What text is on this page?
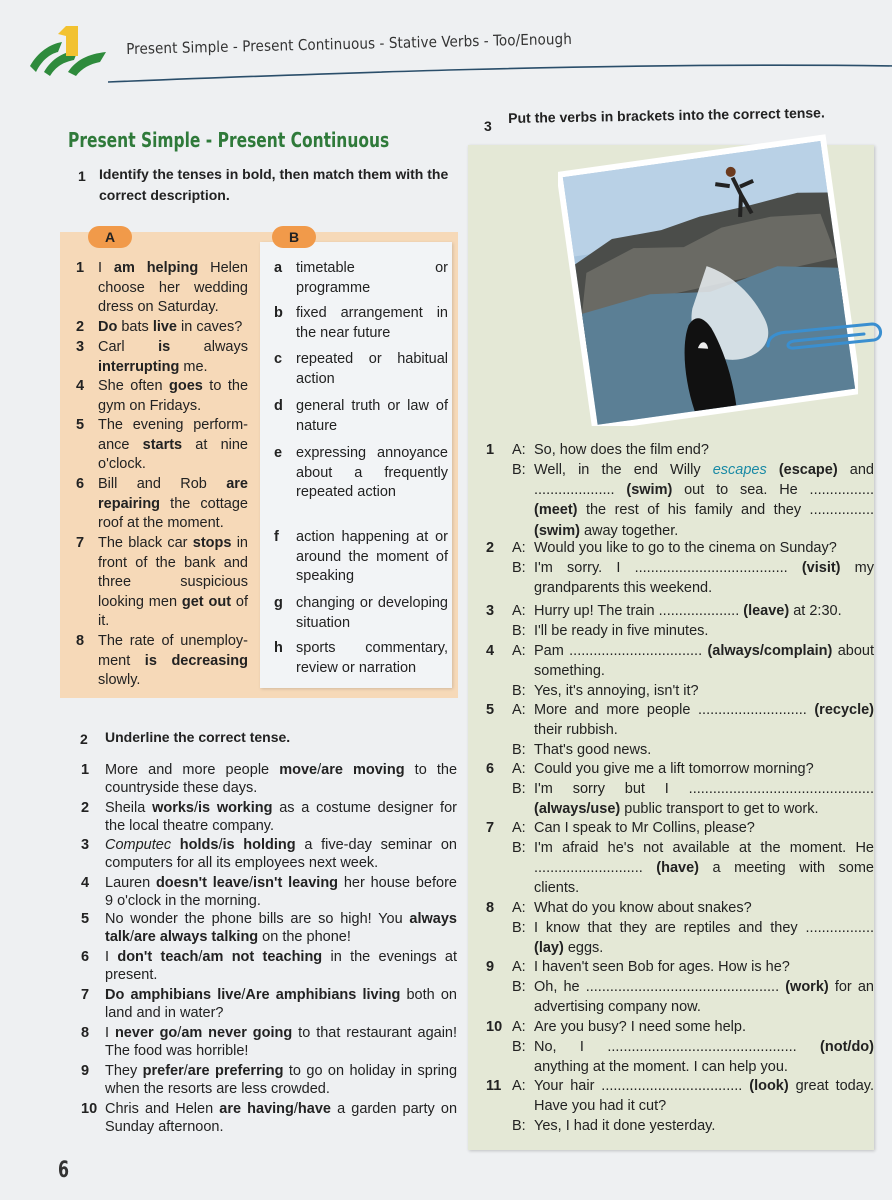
1	Present Simple - Present Continuous - Stative Verbs - Too/Enough
Present Simple - Present Continuous
1 Identify the tenses in bold, then match them with the correct description.
A	B
1 I am helping Helen choose her wedding dress on Saturday.
2 Do bats live in caves?
3 Carl is always interrupting me.
4 She often goes to the gym on Fridays.
5 The evening perform-ance starts at nine o'clock.
6 Bill and Rob are repairing the cottage roof at the moment.
7 The black car stops in front of the bank and three suspicious looking men get out of it.
8 The rate of unemploy-ment is decreasing slowly.
a timetable or programme
b fixed arrangement in the near future
c repeated or habitual action
d general truth or law of nature
e expressing annoyance about a frequently repeated action
f action happening at or around the moment of speaking
g changing or developing situation
h sports commentary, review or narration
2 Underline the correct tense.
1 More and more people move/are moving to the countryside these days.
2 Sheila works/is working as a costume designer for the local theatre company.
3 Computec holds/is holding a five-day seminar on computers for all its employees next week.
4 Lauren doesn't leave/isn't leaving her house before 9 o'clock in the morning.
5 No wonder the phone bills are so high! You always talk/are always talking on the phone!
6 I don't teach/am not teaching in the evenings at present.
7 Do amphibians live/Are amphibians living both on land and in water?
8 I never go/am never going to that restaurant again! The food was horrible!
9 They prefer/are preferring to go on holiday in spring when the resorts are less crowded.
10 Chris and Helen are having/have a garden party on Sunday afternoon.
3
Put the verbs in brackets into the correct tense.
1 A: So, how does the film end?
B: Well, in the end Willy escapes (escape) and .................... (swim) out to sea. He ................ (meet) the rest of his family and they ................ (swim) away together.
2 A: Would you like to go to the cinema on Sunday?
B: I'm sorry. I ...................................... (visit) my grandparents this weekend.
3 A: Hurry up! The train .................... (leave) at 2:30.
B: I'll be ready in five minutes.
4 A: Pam ................................. (always/complain) about something.
B: Yes, it's annoying, isn't it?
5 A: More and more people ........................... (recycle) their rubbish.
B: That's good news.
6 A: Could you give me a lift tomorrow morning?
B: I'm sorry but I .............................................. (always/use) public transport to get to work.
7 A: Can I speak to Mr Collins, please?
B: I'm afraid he's not available at the moment. He ........................... (have) a meeting with some clients.
8 A: What do you know about snakes?
B: I know that they are reptiles and they ................. (lay) eggs.
9 A: I haven't seen Bob for ages. How is he?
B: Oh, he ................................................ (work) for an advertising company now.
10 A: Are you busy? I need some help.
B: No, I ............................................... (not/do) anything at the moment. I can help you.
11 A: Your hair ................................... (look) great today. Have you had it cut?
B: Yes, I had it done yesterday.
6
